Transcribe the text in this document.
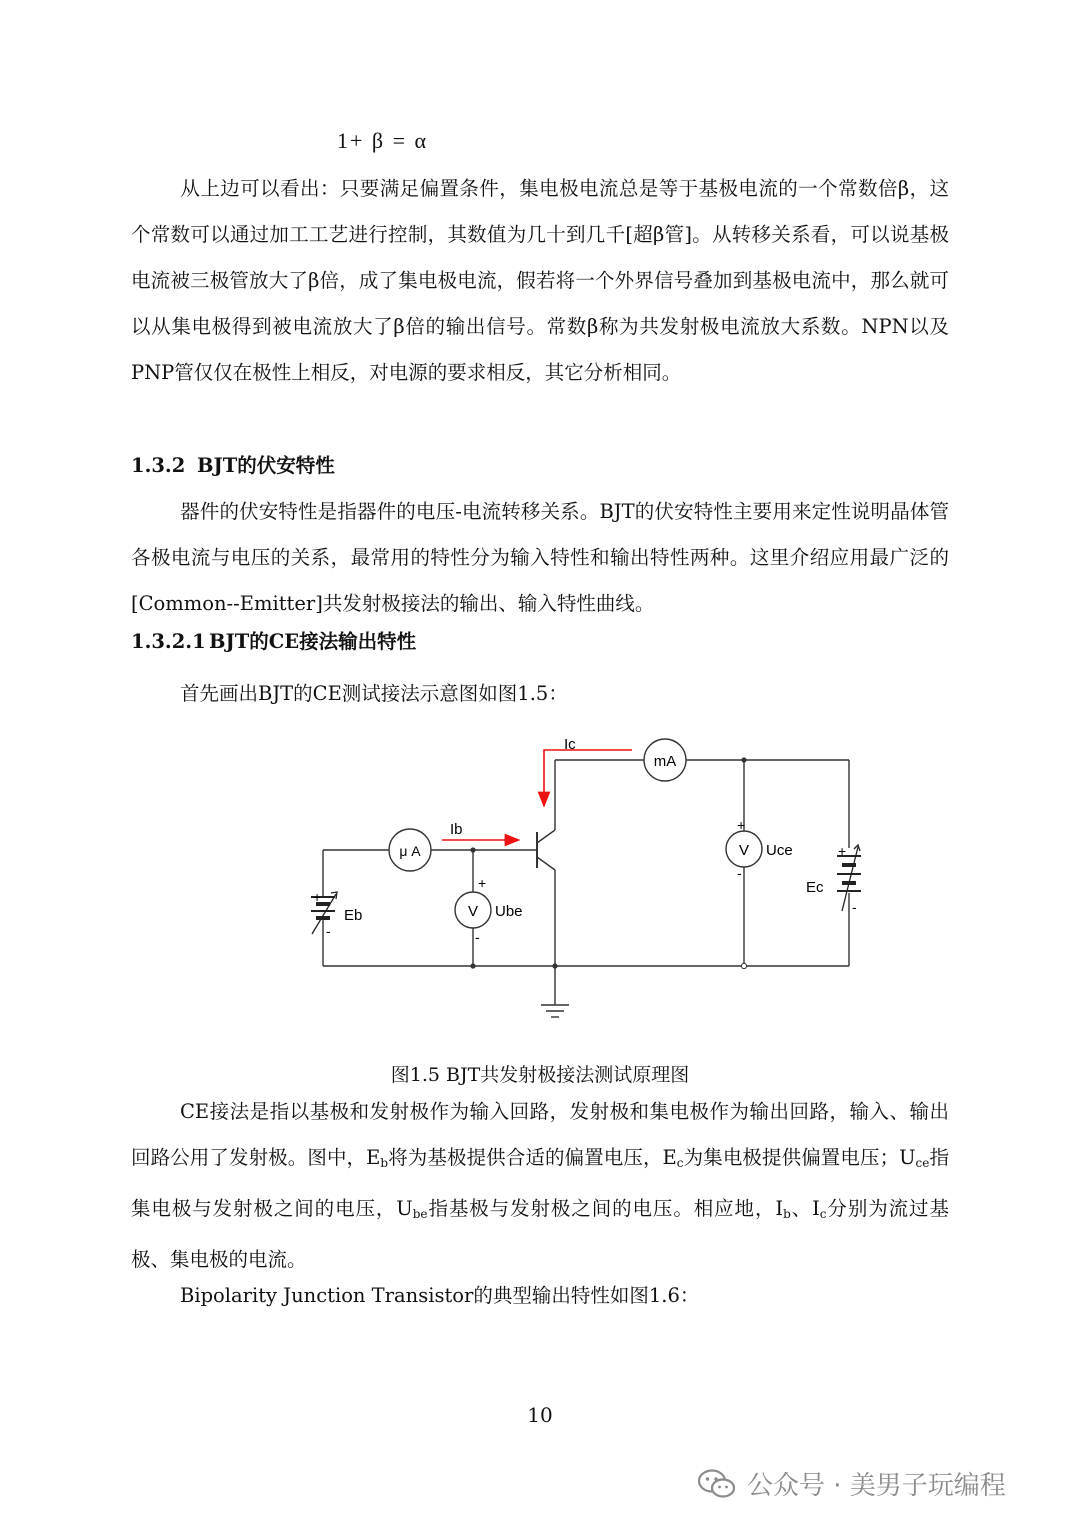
1+ β = α

从上边可以看出：只要满足偏置条件，集电极电流总是等于基极电流的一个常数倍β，这个常数可以通过加工工艺进行控制，其数值为几十到几千[超β管]。从转移关系看，可以说基极电流被三极管放大了β倍，成了集电极电流，假若将一个外界信号叠加到基极电流中，那么就可以从集电极得到被电流放大了β倍的输出信号。常数β称为共发射极电流放大系数。NPN以及PNP管仅仅在极性上相反，对电源的要求相反，其它分析相同。

1.3.2 BJT的伏安特性

器件的伏安特性是指器件的电压-电流转移关系。BJT的伏安特性主要用来定性说明晶体管各极电流与电压的关系，最常用的特性分为输入特性和输出特性两种。这里介绍应用最广泛的[Common--Emitter]共发射极接法的输出、输入特性曲线。

1.3.2.1 BJT的CE接法输出特性
首先画出BJT的CE测试接法示意图如图1.5：
Ic
Ib
mA
μ A
V
V
Ube
Uce
Eb
Ec
+
-
+
-
+
-
+
-
图1.5 BJT共发射极接法测试原理图

CE接法是指以基极和发射极作为输入回路，发射极和集电极作为输出回路，输入、输出回路公用了发射极。图中，$E_b$将为基极提供合适的偏置电压，$E_c$为集电极提供偏置电压；$U_{ce}$指集电极与发射极之间的电压，$U_{be}$指基极与发射极之间的电压。相应地，$I_b$、$I_c$分别为流过基极、集电极的电流。

Bipolarity Junction Transistor的典型输出特性如图1.6：
10
公众号 · 美男子玩编程
